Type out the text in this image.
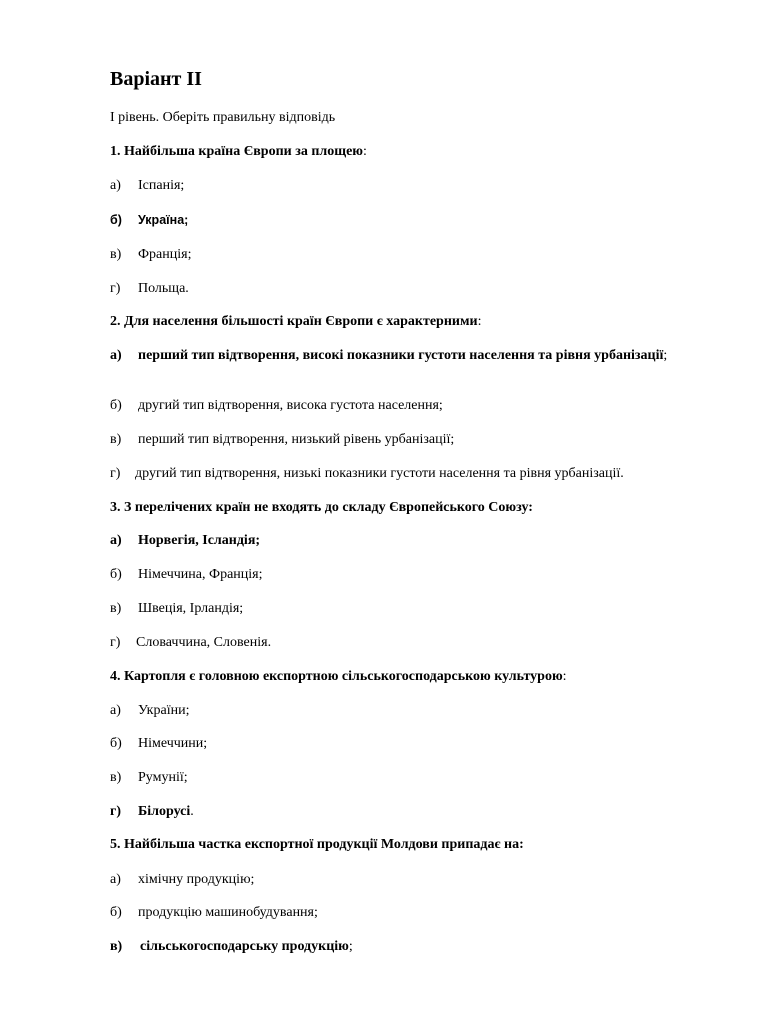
Варіант ІІ
І рівень. Оберіть правильну відповідь
1. Найбільша країна Європи за площею:
а) Іспанія;
б) Україна;
в) Франція;
г) Польща.
2. Для населення більшості країн Європи є характерними:
а) перший тип відтворення, високі показники густоти населення та рівня урбанізації;
б) другий тип відтворення, висока густота населення;
в) перший тип відтворення, низький рівень урбанізації;
г) другий тип відтворення, низькі показники густоти населення та рівня урбанізації.
3. З перелічених країн не входять до складу Європейського Союзу:
а) Норвегія, Ісландія;
б) Німеччина, Франція;
в) Швеція, Ірландія;
г) Словаччина, Словенія.
4. Картопля є головною експортною сільськогосподарською культурою:
а) України;
б) Німеччини;
в) Румунії;
г) Білорусі.
5. Найбільша частка експортної продукції Молдови припадає на:
а) хімічну продукцію;
б) продукцію машинобудування;
в) сільськогосподарську продукцію;
